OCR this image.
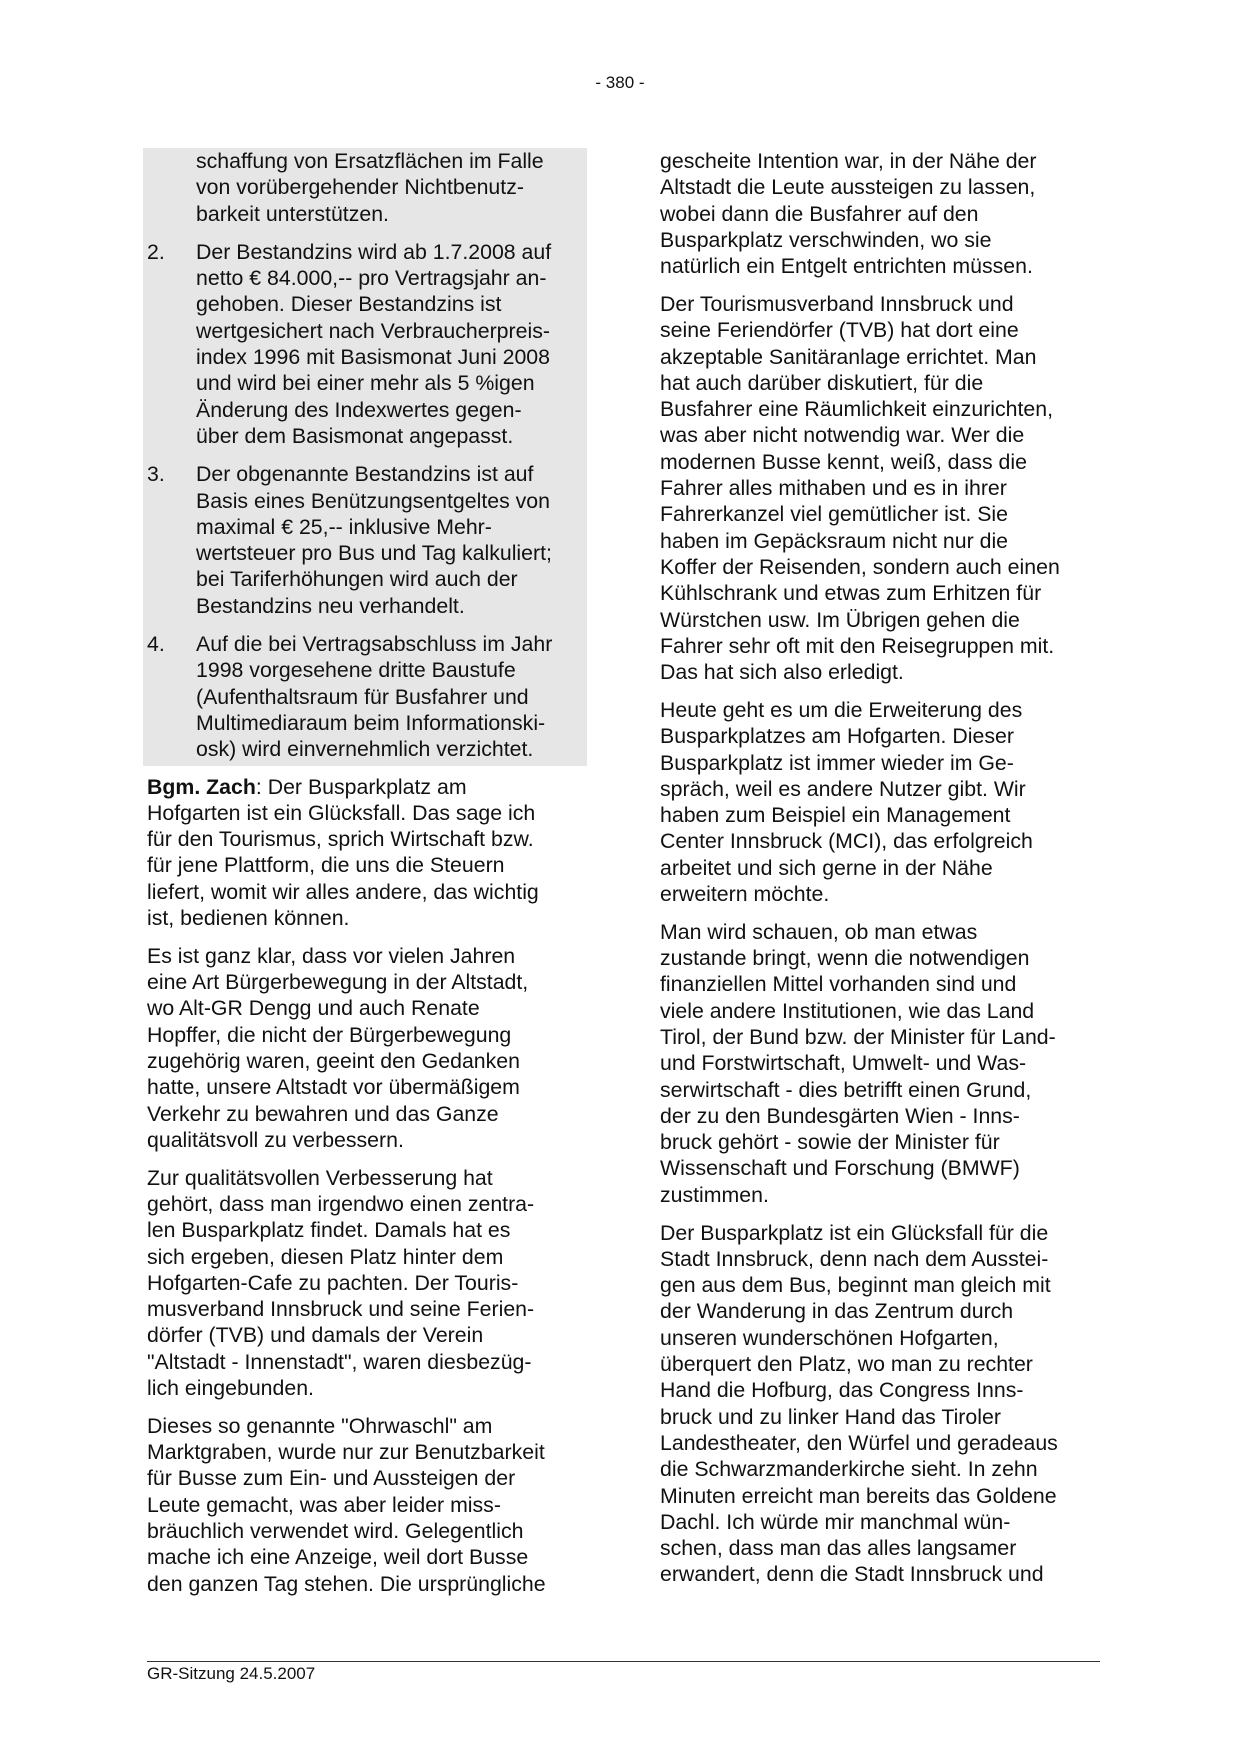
- 380 -
schaffung von Ersatzflächen im Falle
von vorübergehender Nichtbenutz-
barkeit unterstützen.
2.	Der Bestandzins wird ab 1.7.2008 auf
netto € 84.000,-- pro Vertragsjahr an-
gehoben. Dieser Bestandzins ist
wertgesichert nach Verbraucherpreis-
index 1996 mit Basismonat Juni 2008
und wird bei einer mehr als 5 %igen
Änderung des Indexwertes gegen-
über dem Basismonat angepasst.
3.	Der obgenannte Bestandzins ist auf
Basis eines Benützungsentgeltes von
maximal € 25,-- inklusive Mehr-
wertsteuer pro Bus und Tag kalkuliert;
bei Tariferhöhungen wird auch der
Bestandzins neu verhandelt.
4.	Auf die bei Vertragsabschluss im Jahr
1998 vorgesehene dritte Baustufe
(Aufenthaltsraum für Busfahrer und
Multimediaraum beim Informationski-
osk) wird einvernehmlich verzichtet.

Bgm. Zach: Der Busparkplatz am
Hofgarten ist ein Glücksfall. Das sage ich
für den Tourismus, sprich Wirtschaft bzw.
für jene Plattform, die uns die Steuern
liefert, womit wir alles andere, das wichtig
ist, bedienen können.

Es ist ganz klar, dass vor vielen Jahren
eine Art Bürgerbewegung in der Altstadt,
wo Alt-GR Dengg und auch Renate
Hopffer, die nicht der Bürgerbewegung
zugehörig waren, geeint den Gedanken
hatte, unsere Altstadt vor übermäßigem
Verkehr zu bewahren und das Ganze
qualitätsvoll zu verbessern.

Zur qualitätsvollen Verbesserung hat
gehört, dass man irgendwo einen zentra-
len Busparkplatz findet. Damals hat es
sich ergeben, diesen Platz hinter dem
Hofgarten-Cafe zu pachten. Der Touris-
musverband Innsbruck und seine Ferien-
dörfer (TVB) und damals der Verein
"Altstadt - Innenstadt", waren diesbezüg-
lich eingebunden.

Dieses so genannte "Ohrwaschl" am
Marktgraben, wurde nur zur Benutzbarkeit
für Busse zum Ein- und Aussteigen der
Leute gemacht, was aber leider miss-
bräuchlich verwendet wird. Gelegentlich
mache ich eine Anzeige, weil dort Busse
den ganzen Tag stehen. Die ursprüngliche

gescheite Intention war, in der Nähe der
Altstadt die Leute aussteigen zu lassen,
wobei dann die Busfahrer auf den
Busparkplatz verschwinden, wo sie
natürlich ein Entgelt entrichten müssen.

Der Tourismusverband Innsbruck und
seine Feriendörfer (TVB) hat dort eine
akzeptable Sanitäranlage errichtet. Man
hat auch darüber diskutiert, für die
Busfahrer eine Räumlichkeit einzurichten,
was aber nicht notwendig war. Wer die
modernen Busse kennt, weiß, dass die
Fahrer alles mithaben und es in ihrer
Fahrerkanzel viel gemütlicher ist. Sie
haben im Gepäcksraum nicht nur die
Koffer der Reisenden, sondern auch einen
Kühlschrank und etwas zum Erhitzen für
Würstchen usw. Im Übrigen gehen die
Fahrer sehr oft mit den Reisegruppen mit.
Das hat sich also erledigt.

Heute geht es um die Erweiterung des
Busparkplatzes am Hofgarten. Dieser
Busparkplatz ist immer wieder im Ge-
spräch, weil es andere Nutzer gibt. Wir
haben zum Beispiel ein Management
Center Innsbruck (MCI), das erfolgreich
arbeitet und sich gerne in der Nähe
erweitern möchte.

Man wird schauen, ob man etwas
zustande bringt, wenn die notwendigen
finanziellen Mittel vorhanden sind und
viele andere Institutionen, wie das Land
Tirol, der Bund bzw. der Minister für Land-
und Forstwirtschaft, Umwelt- und Was-
serwirtschaft - dies betrifft einen Grund,
der zu den Bundesgärten Wien - Inns-
bruck gehört - sowie der Minister für
Wissenschaft und Forschung (BMWF)
zustimmen.

Der Busparkplatz ist ein Glücksfall für die
Stadt Innsbruck, denn nach dem Ausstei-
gen aus dem Bus, beginnt man gleich mit
der Wanderung in das Zentrum durch
unseren wunderschönen Hofgarten,
überquert den Platz, wo man zu rechter
Hand die Hofburg, das Congress Inns-
bruck und zu linker Hand das Tiroler
Landestheater, den Würfel und geradeaus
die Schwarzmanderkirche sieht. In zehn
Minuten erreicht man bereits das Goldene
Dachl. Ich würde mir manchmal wün-
schen, dass man das alles langsamer
erwandert, denn die Stadt Innsbruck und

GR-Sitzung 24.5.2007
